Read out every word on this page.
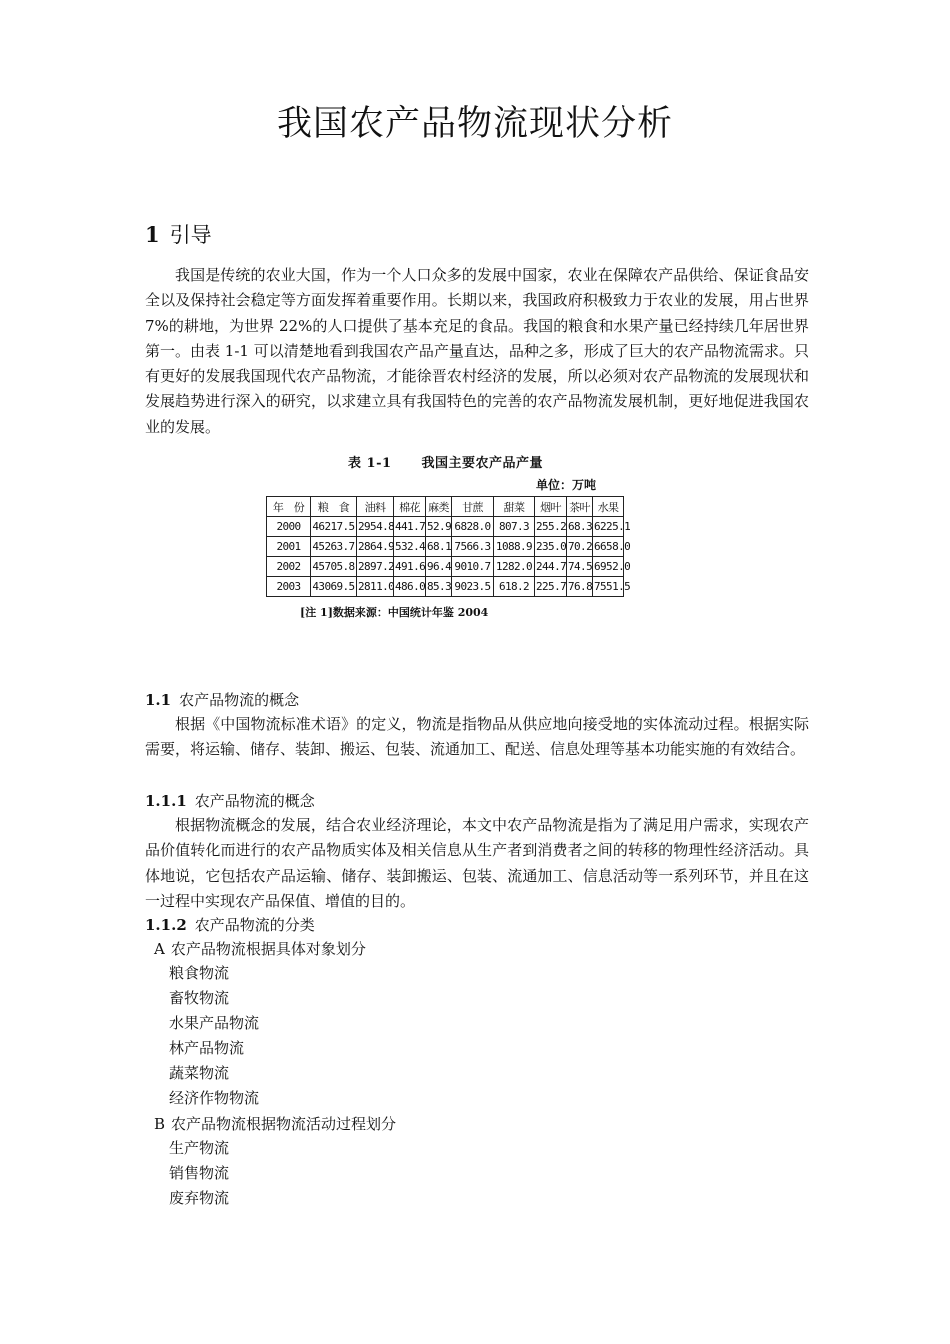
我国农产品物流现状分析
1 引导

我国是传统的农业大国，作为一个人口众多的发展中国家，农业在保障农产品供给、保证食品安全以及保持社会稳定等方面发挥着重要作用。长期以来，我国政府积极致力于农业的发展，用占世界 7%的耕地，为世界 22%的人口提供了基本充足的食品。我国的粮食和水果产量已经持续几年居世界第一。由表 1-1 可以清楚地看到我国农产品产量直达，品种之多，形成了巨大的农产品物流需求。只有更好的发展我国现代农产品物流，才能徐晋农村经济的发展，所以必须对农产品物流的发展现状和发展趋势进行深入的研究，以求建立具有我国特色的完善的农产品物流发展机制，更好地促进我国农业的发展。

表 1-1 我国主要农产品产量
单位：万吨
年　份	粮　食	油料	棉花	麻类	甘蔗	甜菜	烟叶	茶叶	水果
2000	46217.5	2954.8	441.7	52.9	6828.0	807.3	255.2	68.3	6225.1
2001	45263.7	2864.9	532.4	68.1	7566.3	1088.9	235.0	70.2	6658.0
2002	45705.8	2897.2	491.6	96.4	9010.7	1282.0	244.7	74.5	6952.0
2003	43069.5	2811.0	486.0	85.3	9023.5	618.2	225.7	76.8	7551.5
[注 1]数据来源：中国统计年鉴 2004
1.1 农产品物流的概念

根据《中国物流标准术语》的定义，物流是指物品从供应地向接受地的实体流动过程。根据实际需要，将运输、储存、装卸、搬运、包装、流通加工、配送、信息处理等基本功能实施的有效结合。

1.1.1 农产品物流的概念

根据物流概念的发展，结合农业经济理论，本文中农产品物流是指为了满足用户需求，实现农产品价值转化而进行的农产品物质实体及相关信息从生产者到消费者之间的转移的物理性经济活动。具体地说，它包括农产品运输、储存、装卸搬运、包装、流通加工、信息活动等一系列环节，并且在这一过程中实现农产品保值、增值的目的。

1.1.2 农产品物流的分类

A 农产品物流根据具体对象划分

粮食物流
畜牧物流
水果产品物流
林产品物流
蔬菜物流
经济作物物流

B 农产品物流根据物流活动过程划分

生产物流
销售物流
废弃物流
